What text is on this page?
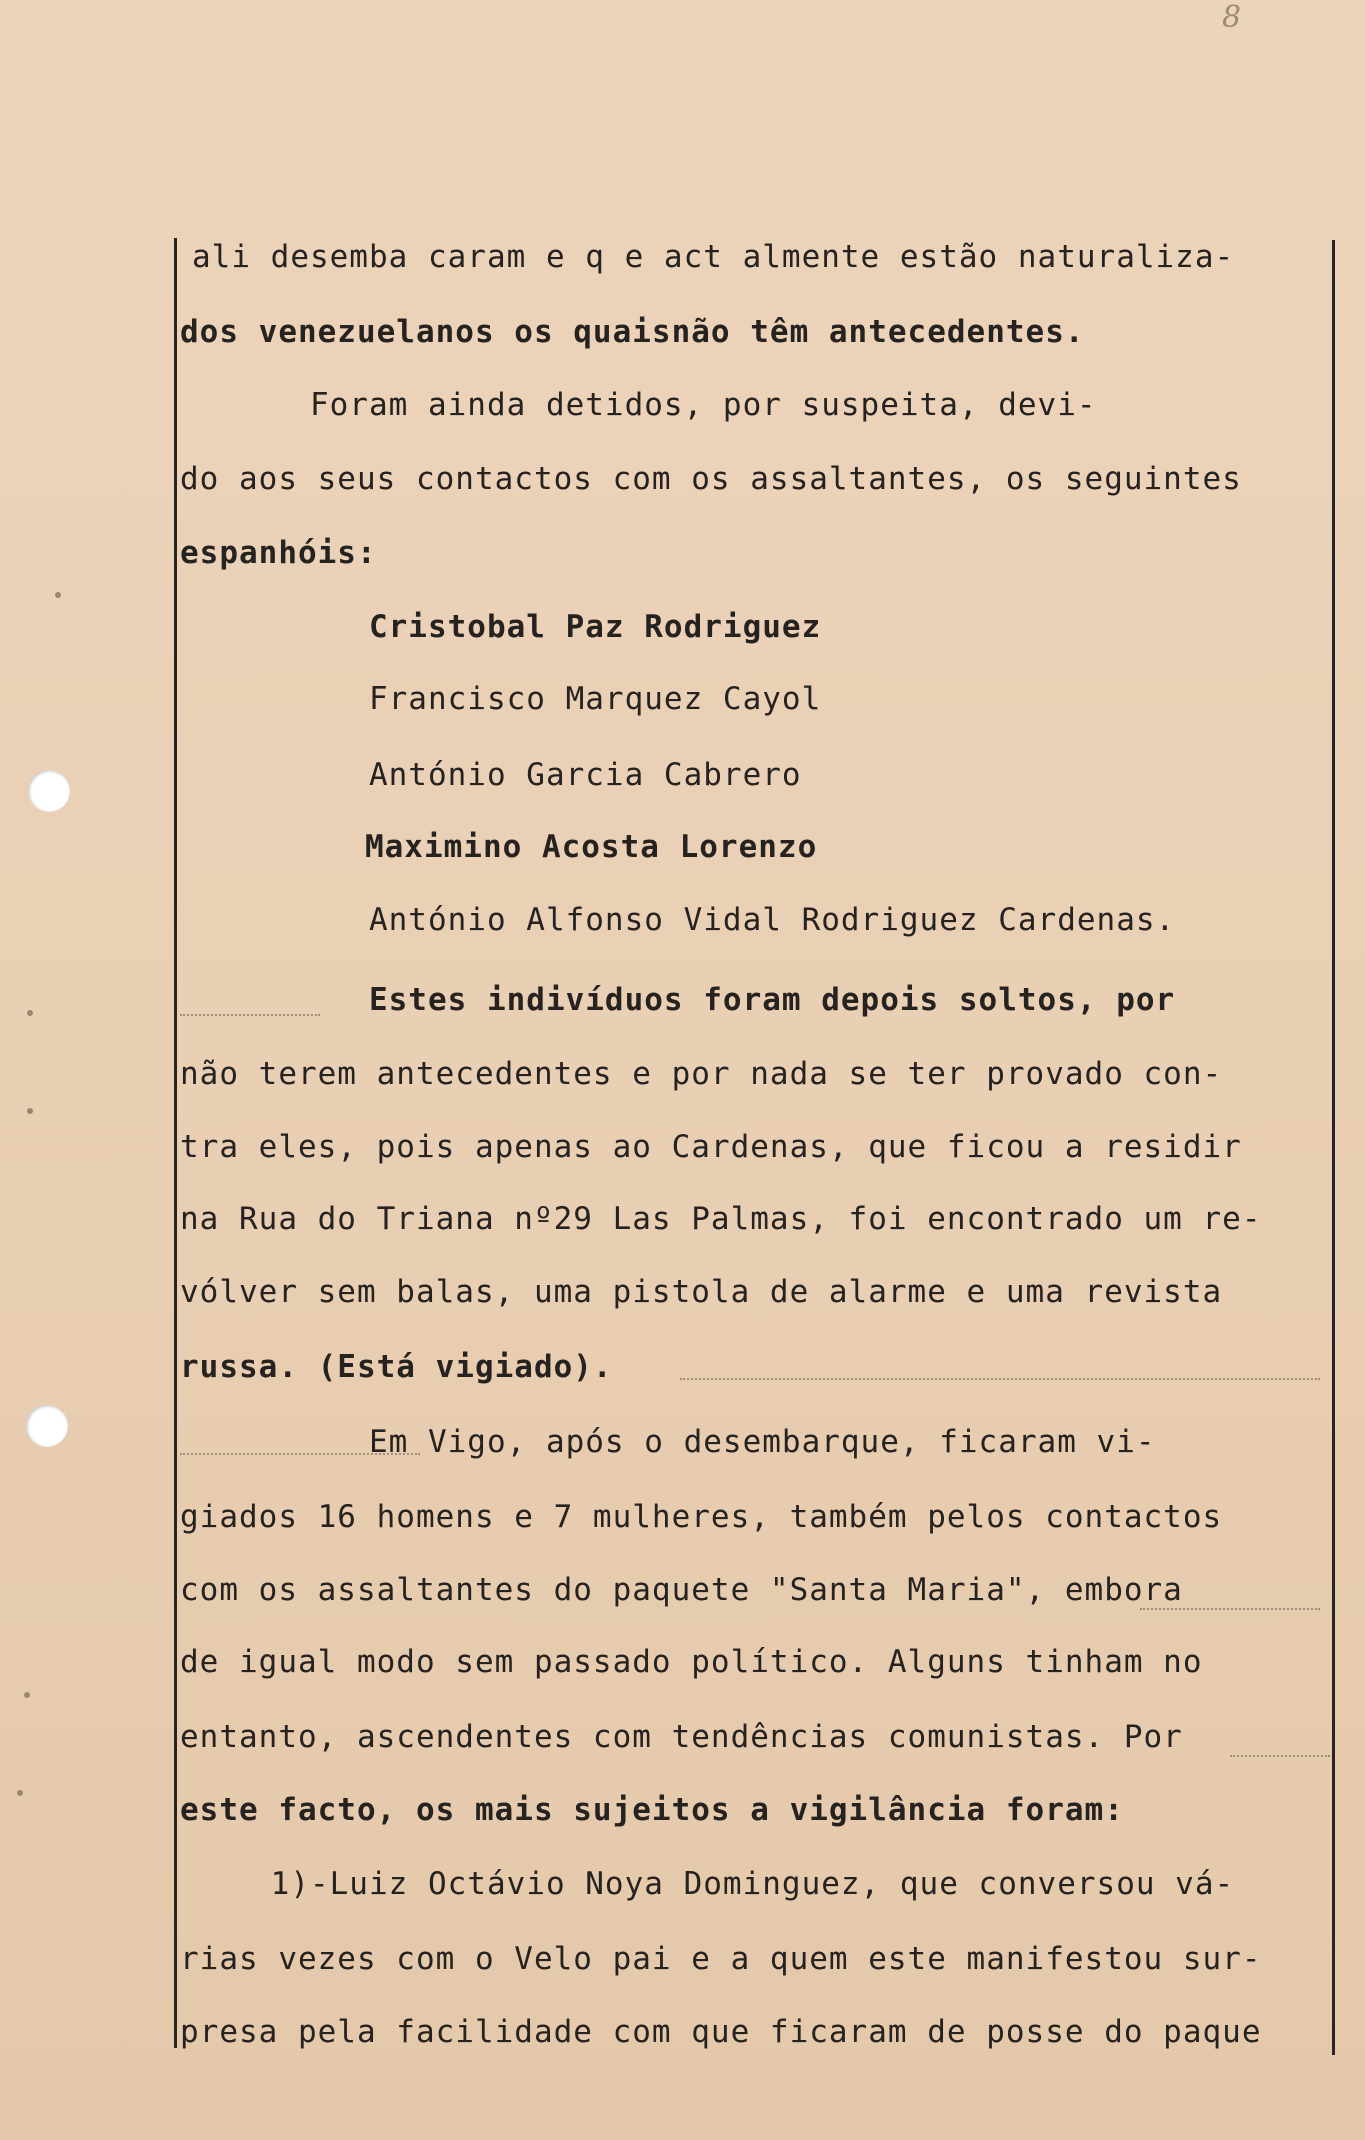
8
ali desemba caram e q e act almente estão naturaliza-
dos venezuelanos os quaisnão têm antecedentes.
Foram ainda detidos, por suspeita, devi-
do aos seus contactos com os assaltantes, os seguintes
espanhóis:
Cristobal Paz Rodriguez
Francisco Marquez Cayol
António Garcia Cabrero
Maximino Acosta Lorenzo
António Alfonso Vidal Rodriguez Cardenas.
Estes indivíduos foram depois soltos, por
não terem antecedentes e por nada se ter provado con-
tra eles, pois apenas ao Cardenas, que ficou a residir
na Rua do Triana nº29 Las Palmas, foi encontrado um re-
vólver sem balas, uma pistola de alarme e uma revista
russa. (Está vigiado).
Em Vigo, após o desembarque, ficaram vi-
giados 16 homens e 7 mulheres, também pelos contactos
com os assaltantes do paquete "Santa Maria", embora
de igual modo sem passado político. Alguns tinham no
entanto, ascendentes com tendências comunistas. Por
este facto, os mais sujeitos a vigilância foram:
1)-Luiz Octávio Noya Dominguez, que conversou vá-
rias vezes com o Velo pai e a quem este manifestou sur-
presa pela facilidade com que ficaram de posse do paque
